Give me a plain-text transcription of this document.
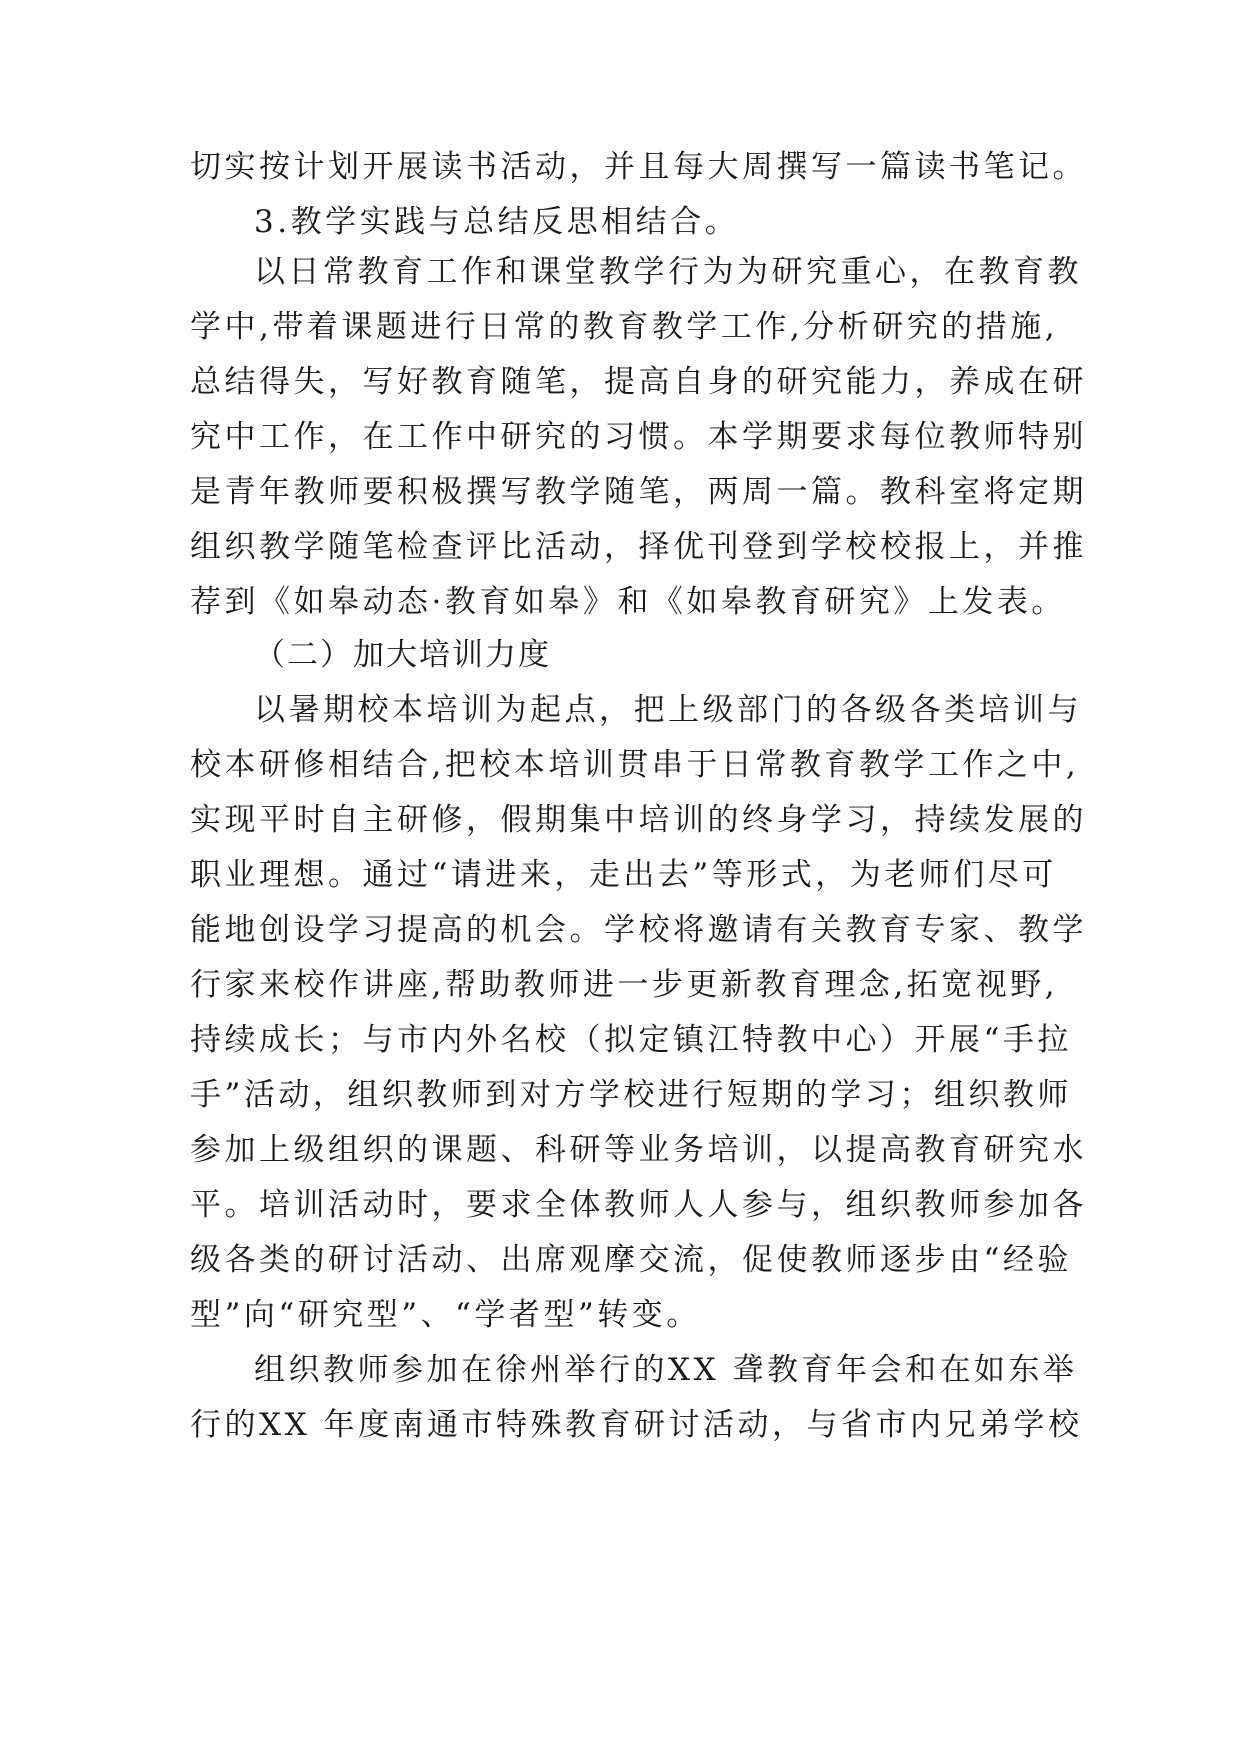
切实按计划开展读书活动，并且每大周撰写一篇读书笔记。
3.教学实践与总结反思相结合。
以日常教育工作和课堂教学行为为研究重心，在教育教
学中,带着课题进行日常的教育教学工作,分析研究的措施,
总结得失，写好教育随笔，提高自身的研究能力，养成在研
究中工作，在工作中研究的习惯。本学期要求每位教师特别
是青年教师要积极撰写教学随笔，两周一篇。教科室将定期
组织教学随笔检查评比活动，择优刊登到学校校报上，并推
荐到《如皋动态·教育如皋》和《如皋教育研究》上发表。
（二）加大培训力度
以暑期校本培训为起点，把上级部门的各级各类培训与
校本研修相结合,把校本培训贯串于日常教育教学工作之中,
实现平时自主研修，假期集中培训的终身学习，持续发展的
职业理想。通过“请进来，走出去”等形式，为老师们尽可
能地创设学习提高的机会。学校将邀请有关教育专家、教学
行家来校作讲座,帮助教师进一步更新教育理念,拓宽视野,
持续成长；与市内外名校（拟定镇江特教中心）开展“手拉
手”活动，组织教师到对方学校进行短期的学习；组织教师
参加上级组织的课题、科研等业务培训，以提高教育研究水
平。培训活动时，要求全体教师人人参与，组织教师参加各
级各类的研讨活动、出席观摩交流，促使教师逐步由“经验
型”向“研究型”、“学者型”转变。
组织教师参加在徐州举行的XX 聋教育年会和在如东举
行的XX 年度南通市特殊教育研讨活动，与省市内兄弟学校
